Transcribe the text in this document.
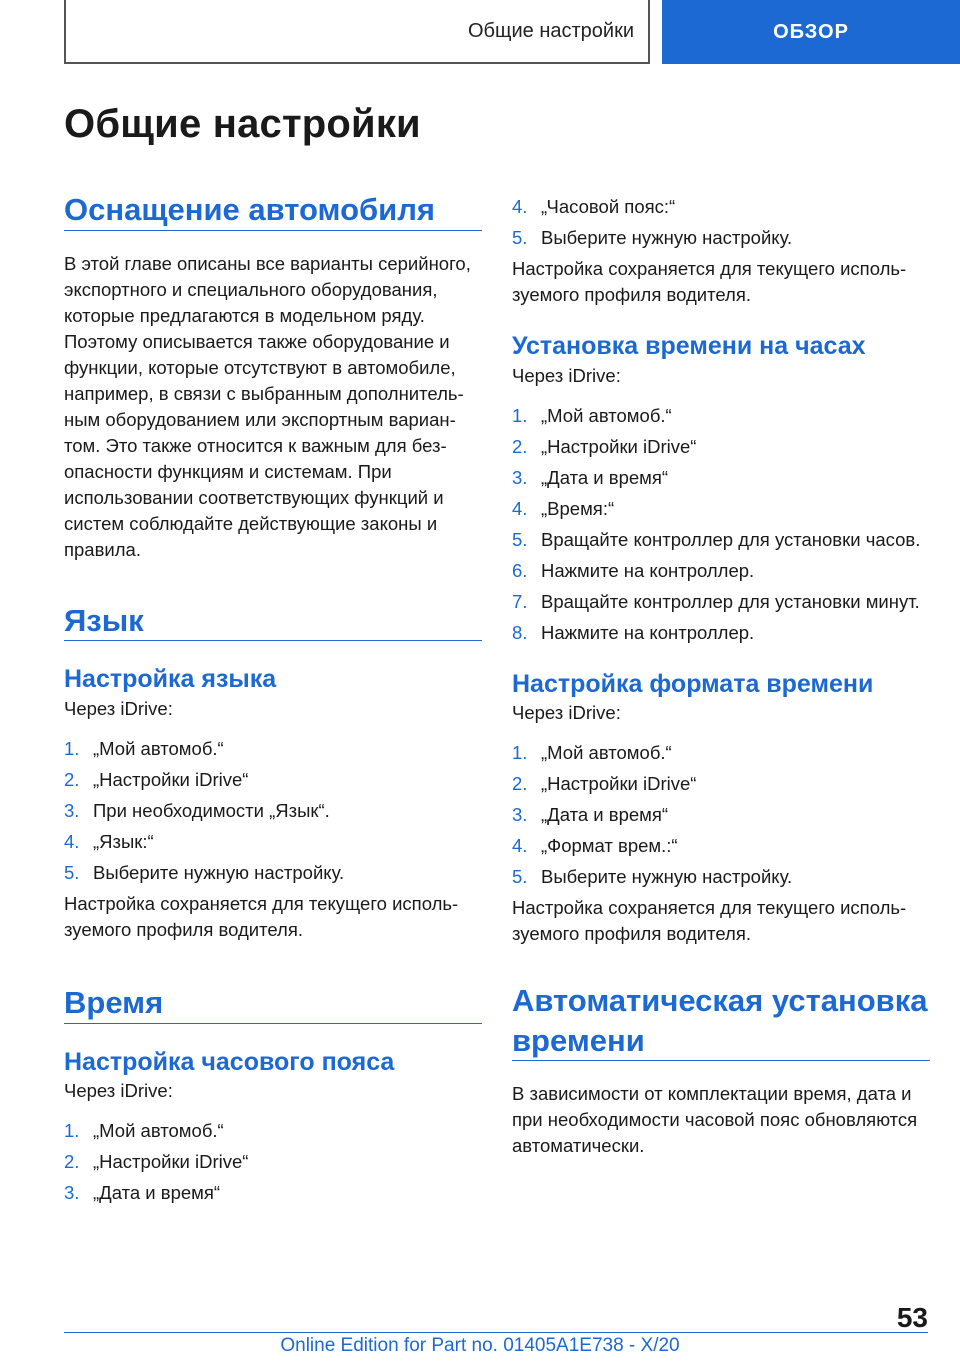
Общие настройки	ОБЗОР
Общие настройки
Оснащение автомобиля

В этой главе описаны все варианты серийного, экспортного и специального оборудования, которые предлагаются в модельном ряду. Поэтому описывается также оборудование и функции, которые отсутствуют в автомобиле, например, в связи с выбранным дополнительным оборудованием или экспортным вариантом. Это также относится к важным для безопасности функциям и системам. При использовании соответствующих функций и систем соблюдайте действующие законы и правила.

Язык
Настройка языка

Через iDrive:

1. „Мой автомоб.“
2. „Настройки iDrive“
3. При необходимости „Язык“.
4. „Язык:“
5. Выберите нужную настройку.

Настройка сохраняется для текущего используемого профиля водителя.

Время
Настройка часового пояса

Через iDrive:

1. „Мой автомоб.“
2. „Настройки iDrive“
3. „Дата и время“
4. „Часовой пояс:“
5. Выберите нужную настройку.

Настройка сохраняется для текущего используемого профиля водителя.

Установка времени на часах

Через iDrive:

1. „Мой автомоб.“
2. „Настройки iDrive“
3. „Дата и время“
4. „Время:“
5. Вращайте контроллер для установки часов.
6. Нажмите на контроллер.
7. Вращайте контроллер для установки минут.
8. Нажмите на контроллер.
Настройка формата времени

Через iDrive:

1. „Мой автомоб.“
2. „Настройки iDrive“
3. „Дата и время“
4. „Формат врем.:“
5. Выберите нужную настройку.

Настройка сохраняется для текущего используемого профиля водителя.

Автоматическая установка времени

В зависимости от комплектации время, дата и при необходимости часовой пояс обновляются автоматически.

53
Online Edition for Part no. 01405A1E738 - X/20
